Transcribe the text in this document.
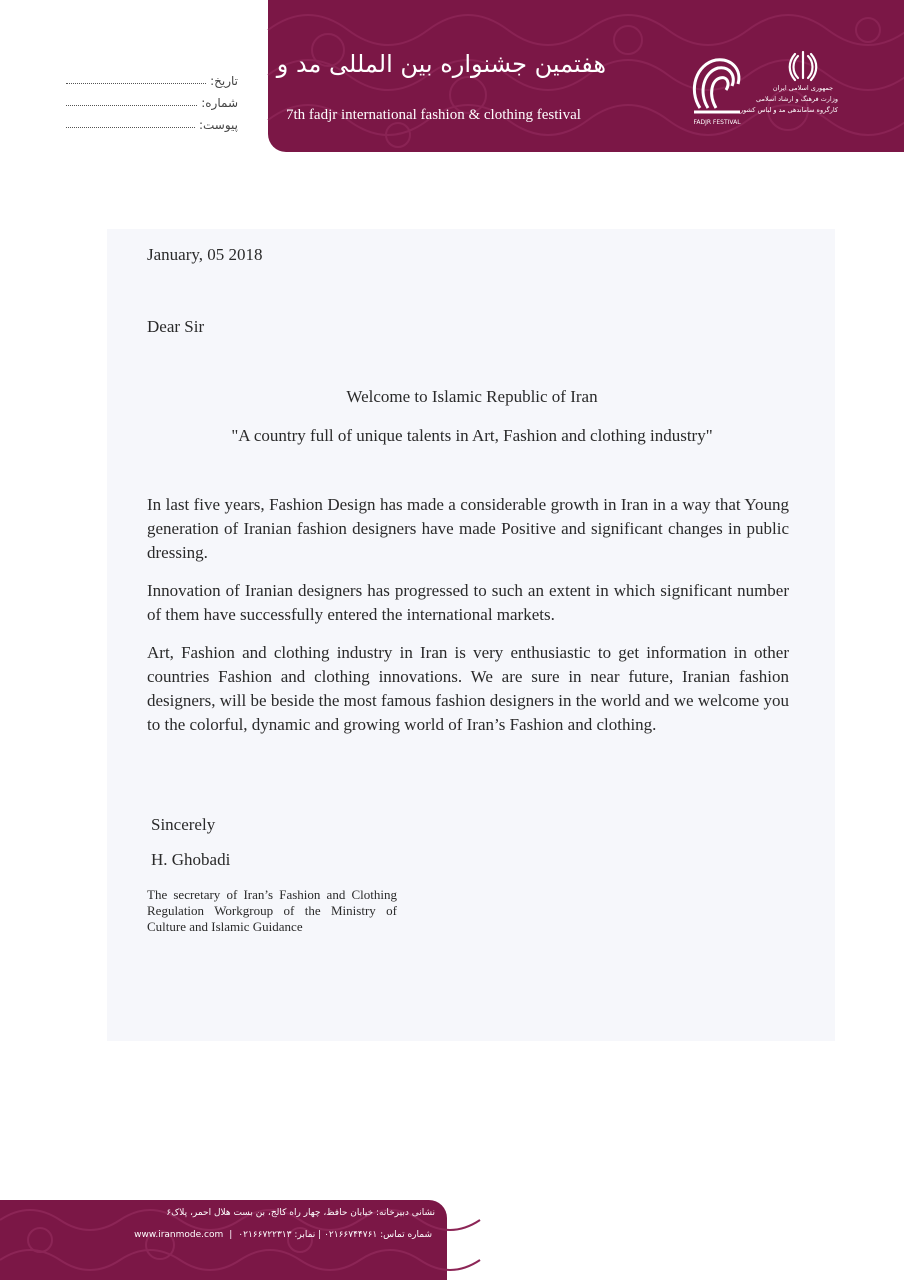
هفتمین جشنواره بین المللی مد و لباس فجر
7th fadjr international fashion & clothing festival	FADJR FESTIVAL
جمهوری اسلامی ایران
وزارت فرهنگ و ارشاد اسلامی
کارگروه ساماندهی مد و لباس کشور
تاریخ:
شماره:
پیوست:
January, 05 2018
Dear Sir
Welcome to Islamic Republic of Iran
"A country full of unique talents in Art, Fashion and clothing industry"

In last five years, Fashion Design has made a considerable growth in Iran in a way that Young generation of Iranian fashion designers have made Positive and significant changes in public dressing.

Innovation of Iranian designers has progressed to such an extent in which significant number of them have successfully entered the international markets.

Art, Fashion and clothing industry in Iran is very enthusiastic to get information in other countries Fashion and clothing innovations. We are sure in near future, Iranian fashion designers, will be beside the most famous fashion designers in the world and we welcome you to the colorful, dynamic and growing world of Iran’s Fashion and clothing.

Sincerely
H. Ghobadi
The secretary of Iran’s Fashion and Clothing Regulation Workgroup of the Ministry of Culture and Islamic Guidance
نشانی دبیرخانه: خیابان حافظ، چهار راه کالج، بن بست هلال احمر، پلاک۶
www.iranmode.com | شماره تماس: ۰۲۱۶۶۷۴۴۷۶۱ | نمابر: ۰۲۱۶۶۷۲۲۳۱۳
